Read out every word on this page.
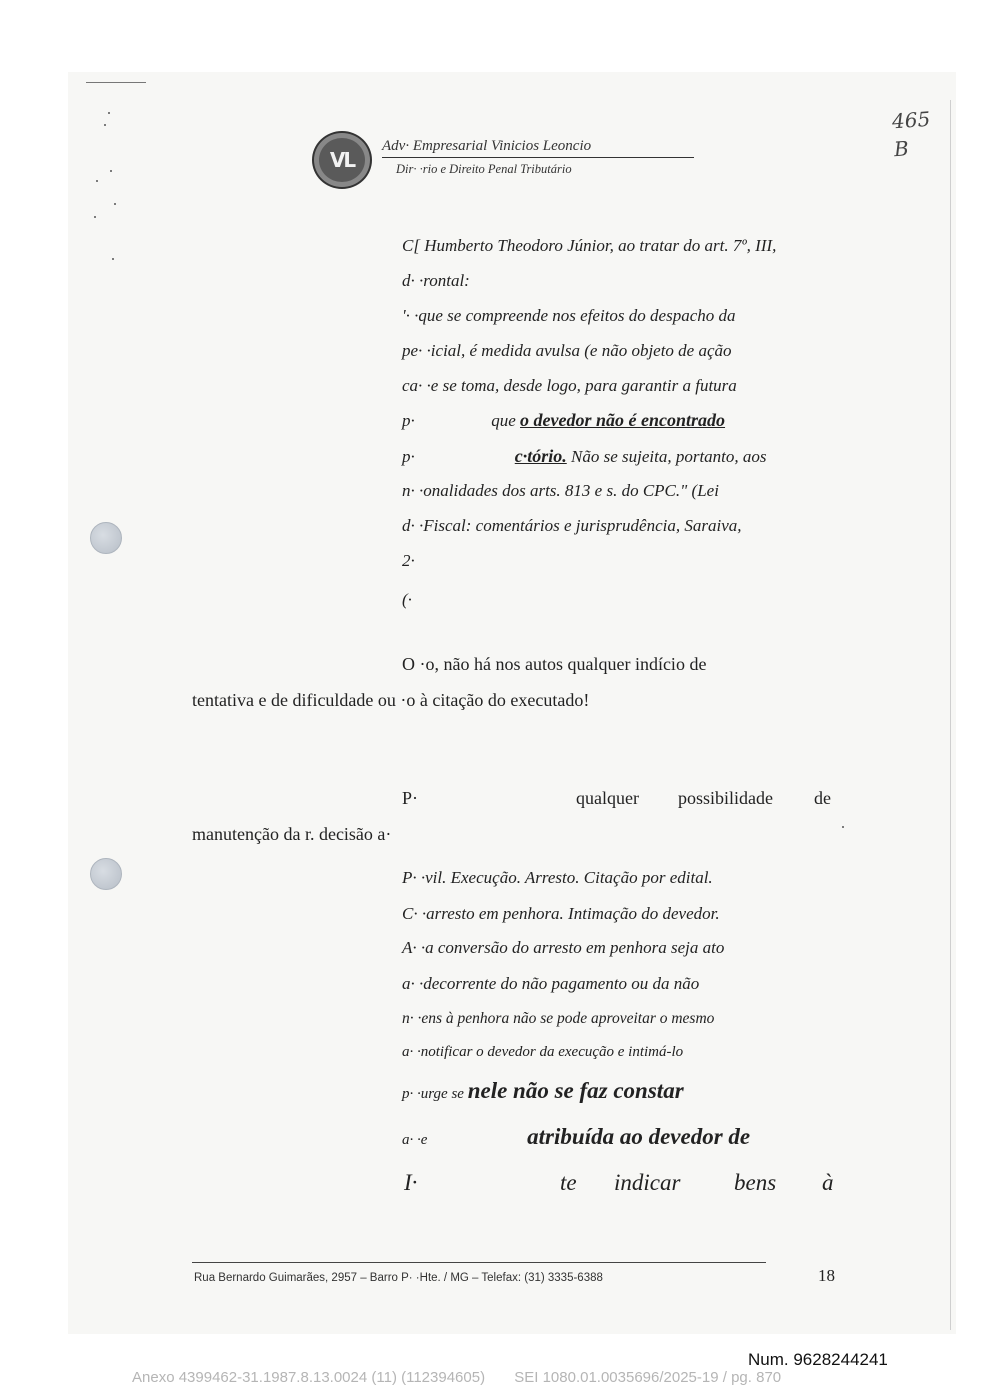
VL
Adv· Empresarial Vinicios Leoncio
Dir· ·rio e Direito Penal Tributário
465
B
C[ Humberto Theodoro Júnior, ao tratar do art. 7º, III,
d· ·rontal:
'· ·que se compreende nos efeitos do despacho da
pe· ·icial, é medida avulsa (e não objeto de ação
ca· ·e se toma, desde logo, para garantir a futura
p·                  que o devedor não é encontrado
p·	c·tório. Não se sujeita, portanto, aos
n· ·onalidades dos arts. 813 e s. do CPC." (Lei
d· ·Fiscal: comentários e jurisprudência, Saraiva,
2·
(·
O ·o, não há nos autos qualquer indício de
tentativa e de dificuldade ou ·o à citação do executado!
P·	qualquer possibilidade de
manutenção da r. decisão a·
P· ·vil. Execução. Arresto. Citação por edital.
C· ·arresto em penhora. Intimação do devedor.
A· ·a conversão do arresto em penhora seja ato
a· ·decorrente do não pagamento ou da não
n· ·ens à penhora não se pode aproveitar o mesmo
a· ·notificar o devedor da execução e intimá-lo
p· ·urge se nele não se faz constar
a· ·e	atribuída ao devedor de
I·	te indicar bens à
Rua Bernardo Guimarães, 2957 – Barro P· ·Hte. / MG – Telefax: (31) 3335-6388	18
Num. 9628244241
Anexo 4399462-31.1987.8.13.0024 (11) (112394605)       SEI 1080.01.0035696/2025-19 / pg. 870
